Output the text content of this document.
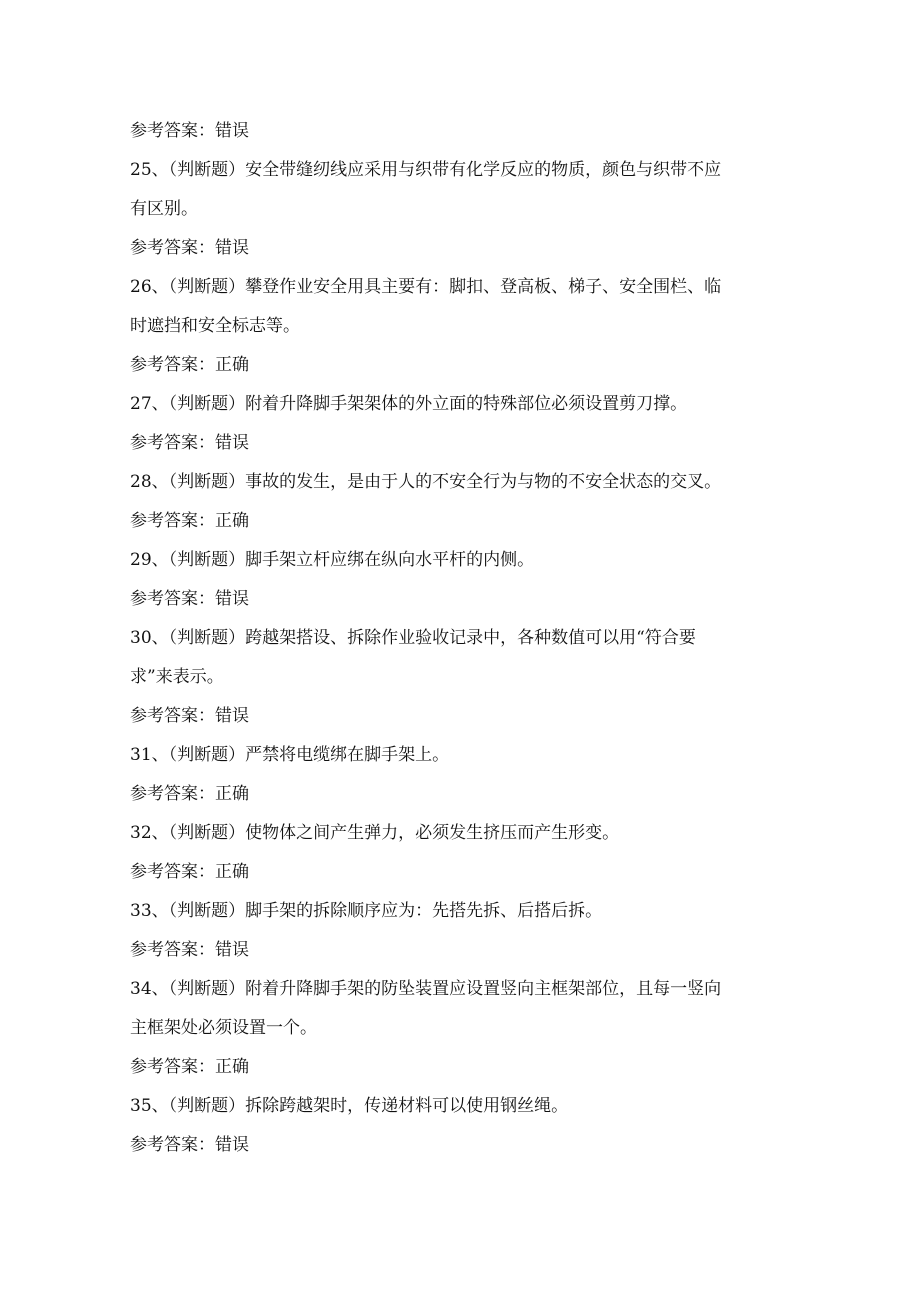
参考答案：错误

25、（判断题）安全带缝纫线应采用与织带有化学反应的物质，颜色与织带不应

有区别。

参考答案：错误

26、（判断题）攀登作业安全用具主要有：脚扣、登高板、梯子、安全围栏、临

时遮挡和安全标志等。

参考答案：正确

27、（判断题）附着升降脚手架架体的外立面的特殊部位必须设置剪刀撑。

参考答案：错误

28、（判断题）事故的发生，是由于人的不安全行为与物的不安全状态的交叉。

参考答案：正确

29、（判断题）脚手架立杆应绑在纵向水平杆的内侧。

参考答案：错误

30、（判断题）跨越架搭设、拆除作业验收记录中，各种数值可以用“符合要

求”来表示。

参考答案：错误

31、（判断题）严禁将电缆绑在脚手架上。

参考答案：正确

32、（判断题）使物体之间产生弹力，必须发生挤压而产生形变。

参考答案：正确

33、（判断题）脚手架的拆除顺序应为：先搭先拆、后搭后拆。

参考答案：错误

34、（判断题）附着升降脚手架的防坠装置应设置竖向主框架部位，且每一竖向

主框架处必须设置一个。

参考答案：正确

35、（判断题）拆除跨越架时，传递材料可以使用钢丝绳。

参考答案：错误
